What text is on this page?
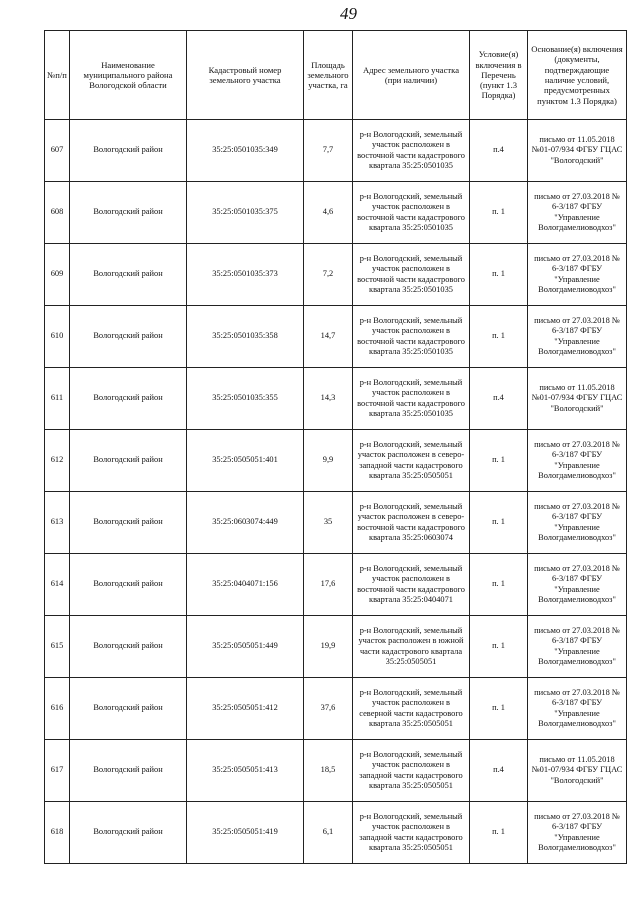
49
№п/п	Наименование муниципального района Вологодской области	Кадастровый номер земельного участка	Площадь земельного участка, га	Адрес земельного участка (при наличии)	Условие(я) включения в Перечень (пункт 1.3 Порядка)	Основание(я) включения (документы, подтверждающие наличие условий, предусмотренных пунктом 1.3 Порядка)
607	Вологодский район	35:25:0501035:349	7,7	р-н Вологодский, земельный участок расположен в восточной части кадастрового квартала 35:25:0501035	п.4	письмо от 11.05.2018 №01-07/934 ФГБУ ГЦАС "Вологодский"
608	Вологодский район	35:25:0501035:375	4,6	р-н Вологодский, земельный участок расположен в восточной части кадастрового квартала 35:25:0501035	п. 1	письмо от 27.03.2018 № 6-3/187 ФГБУ "Управление Вологдамелиоводхоз"
609	Вологодский район	35:25:0501035:373	7,2	р-н Вологодский, земельный участок расположен в восточной части кадастрового квартала 35:25:0501035	п. 1	письмо от 27.03.2018 № 6-3/187 ФГБУ "Управление Вологдамелиоводхоз"
610	Вологодский район	35:25:0501035:358	14,7	р-н Вологодский, земельный участок расположен в восточной части кадастрового квартала 35:25:0501035	п. 1	письмо от 27.03.2018 № 6-3/187 ФГБУ "Управление Вологдамелиоводхоз"
611	Вологодский район	35:25:0501035:355	14,3	р-н Вологодский, земельный участок расположен в восточной части кадастрового квартала 35:25:0501035	п.4	письмо от 11.05.2018 №01-07/934 ФГБУ ГЦАС "Вологодский"
612	Вологодский район	35:25:0505051:401	9,9	р-н Вологодский, земельный участок расположен в северо-западной части кадастрового квартала 35:25:0505051	п. 1	письмо от 27.03.2018 № 6-3/187 ФГБУ "Управление Вологдамелиоводхоз"
613	Вологодский район	35:25:0603074:449	35	р-н Вологодский, земельный участок расположен в северо-восточной части кадастрового квартала 35:25:0603074	п. 1	письмо от 27.03.2018 № 6-3/187 ФГБУ "Управление Вологдамелиоводхоз"
614	Вологодский район	35:25:0404071:156	17,6	р-н Вологодский, земельный участок расположен в восточной части кадастрового квартала 35:25:0404071	п. 1	письмо от 27.03.2018 № 6-3/187 ФГБУ "Управление Вологдамелиоводхоз"
615	Вологодский район	35:25:0505051:449	19,9	р-н Вологодский, земельный участок расположен в южной части кадастрового квартала 35:25:0505051	п. 1	письмо от 27.03.2018 № 6-3/187 ФГБУ "Управление Вологдамелиоводхоз"
616	Вологодский район	35:25:0505051:412	37,6	р-н Вологодский, земельный участок расположен в северной части кадастрового квартала 35:25:0505051	п. 1	письмо от 27.03.2018 № 6-3/187 ФГБУ "Управление Вологдамелиоводхоз"
617	Вологодский район	35:25:0505051:413	18,5	р-н Вологодский, земельный участок расположен в западной части кадастрового квартала 35:25:0505051	п.4	письмо от 11.05.2018 №01-07/934 ФГБУ ГЦАС "Вологодский"
618	Вологодский район	35:25:0505051:419	6,1	р-н Вологодский, земельный участок расположен в западной части кадастрового квартала 35:25:0505051	п. 1	письмо от 27.03.2018 № 6-3/187 ФГБУ "Управление Вологдамелиоводхоз"
